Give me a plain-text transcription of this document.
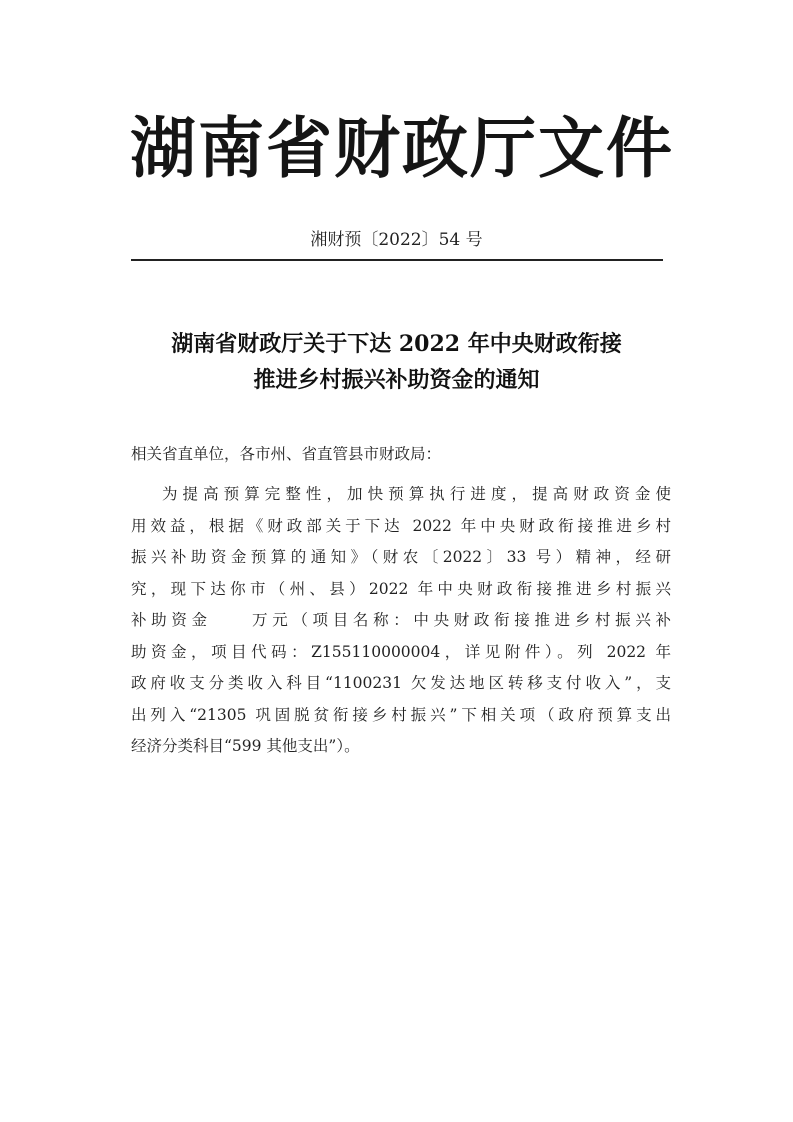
湖南省财政厅文件
湘财预〔2022〕54 号
湖南省财政厅关于下达 2022 年中央财政衔接
推进乡村振兴补助资金的通知
相关省直单位，各市州、省直管县市财政局：
为提高预算完整性，加快预算执行进度，提高财政资金使
用效益，根据《财政部关于下达 2022 年中央财政衔接推进乡村
振兴补助资金预算的通知》（财农〔2022〕33 号）精神，经研
究，现下达你市（州、县）2022 年中央财政衔接推进乡村振兴
补助资金　　万元（项目名称：中央财政衔接推进乡村振兴补
助资金，项目代码：Z155110000004，详见附件）。列 2022 年
政府收支分类收入科目“1100231 欠发达地区转移支付收入”，支
出列入“21305 巩固脱贫衔接乡村振兴”下相关项（政府预算支出
经济分类科目“599 其他支出”）。
